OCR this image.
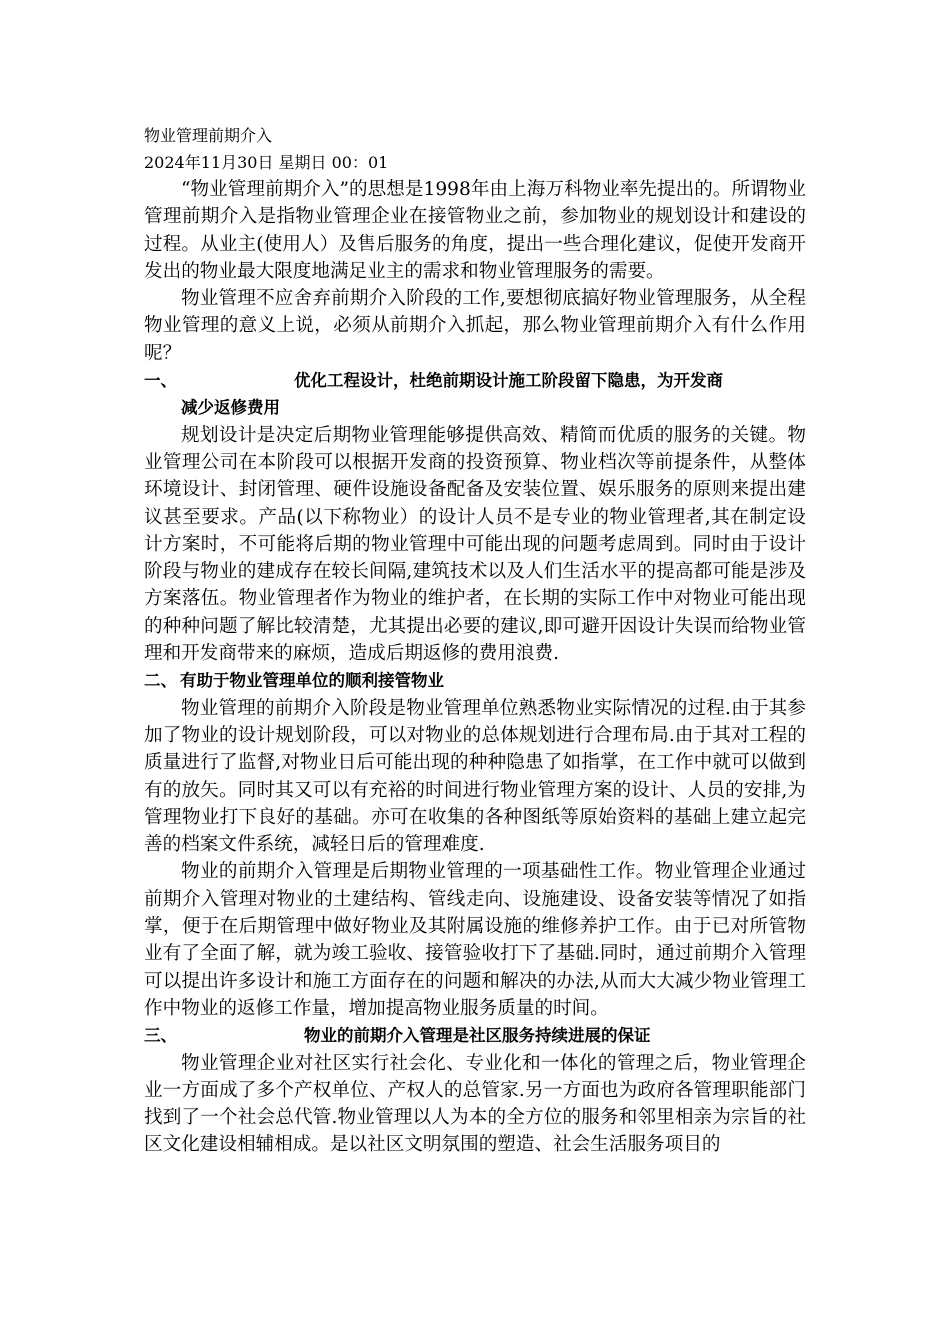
物业管理前期介入
2024年11月30日 星期日 00：01

“物业管理前期介入”的思想是1998年由上海万科物业率先提出的。所谓物业管理前期介入是指物业管理企业在接管物业之前，参加物业的规划设计和建设的过程。从业主(使用人）及售后服务的角度，提出一些合理化建议，促使开发商开发出的物业最大限度地满足业主的需求和物业管理服务的需要。

物业管理不应舍弃前期介入阶段的工作,要想彻底搞好物业管理服务，从全程物业管理的意义上说，必须从前期介入抓起，那么物业管理前期介入有什么作用呢？

一、	优化工程设计，杜绝前期设计施工阶段留下隐患，为开发商
减少返修费用

规划设计是决定后期物业管理能够提供高效、精简而优质的服务的关键。物业管理公司在本阶段可以根据开发商的投资预算、物业档次等前提条件，从整体环境设计、封闭管理、硬件设施设备配备及安装位置、娱乐服务的原则来提出建议甚至要求。产品(以下称物业）的设计人员不是专业的物业管理者,其在制定设计方案时，不可能将后期的物业管理中可能出现的问题考虑周到。同时由于设计阶段与物业的建成存在较长间隔,建筑技术以及人们生活水平的提高都可能是涉及方案落伍。物业管理者作为物业的维护者，在长期的实际工作中对物业可能出现的种种问题了解比较清楚，尤其提出必要的建议,即可避开因设计失误而给物业管理和开发商带来的麻烦，造成后期返修的费用浪费.

二、 有助于物业管理单位的顺利接管物业

物业管理的前期介入阶段是物业管理单位熟悉物业实际情况的过程.由于其参加了物业的设计规划阶段，可以对物业的总体规划进行合理布局.由于其对工程的质量进行了监督,对物业日后可能出现的种种隐患了如指掌，在工作中就可以做到有的放矢。同时其又可以有充裕的时间进行物业管理方案的设计、人员的安排,为管理物业打下良好的基础。亦可在收集的各种图纸等原始资料的基础上建立起完善的档案文件系统，减轻日后的管理难度.

物业的前期介入管理是后期物业管理的一项基础性工作。物业管理企业通过前期介入管理对物业的土建结构、管线走向、设施建设、设备安装等情况了如指掌，便于在后期管理中做好物业及其附属设施的维修养护工作。由于已对所管物业有了全面了解，就为竣工验收、接管验收打下了基础.同时，通过前期介入管理可以提出许多设计和施工方面存在的问题和解决的办法,从而大大减少物业管理工作中物业的返修工作量，增加提高物业服务质量的时间。

三、	物业的前期介入管理是社区服务持续进展的保证

物业管理企业对社区实行社会化、专业化和一体化的管理之后，物业管理企业一方面成了多个产权单位、产权人的总管家.另一方面也为政府各管理职能部门找到了一个社会总代管.物业管理以人为本的全方位的服务和邻里相亲为宗旨的社区文化建设相辅相成。是以社区文明氛围的塑造、社会生活服务项目的
